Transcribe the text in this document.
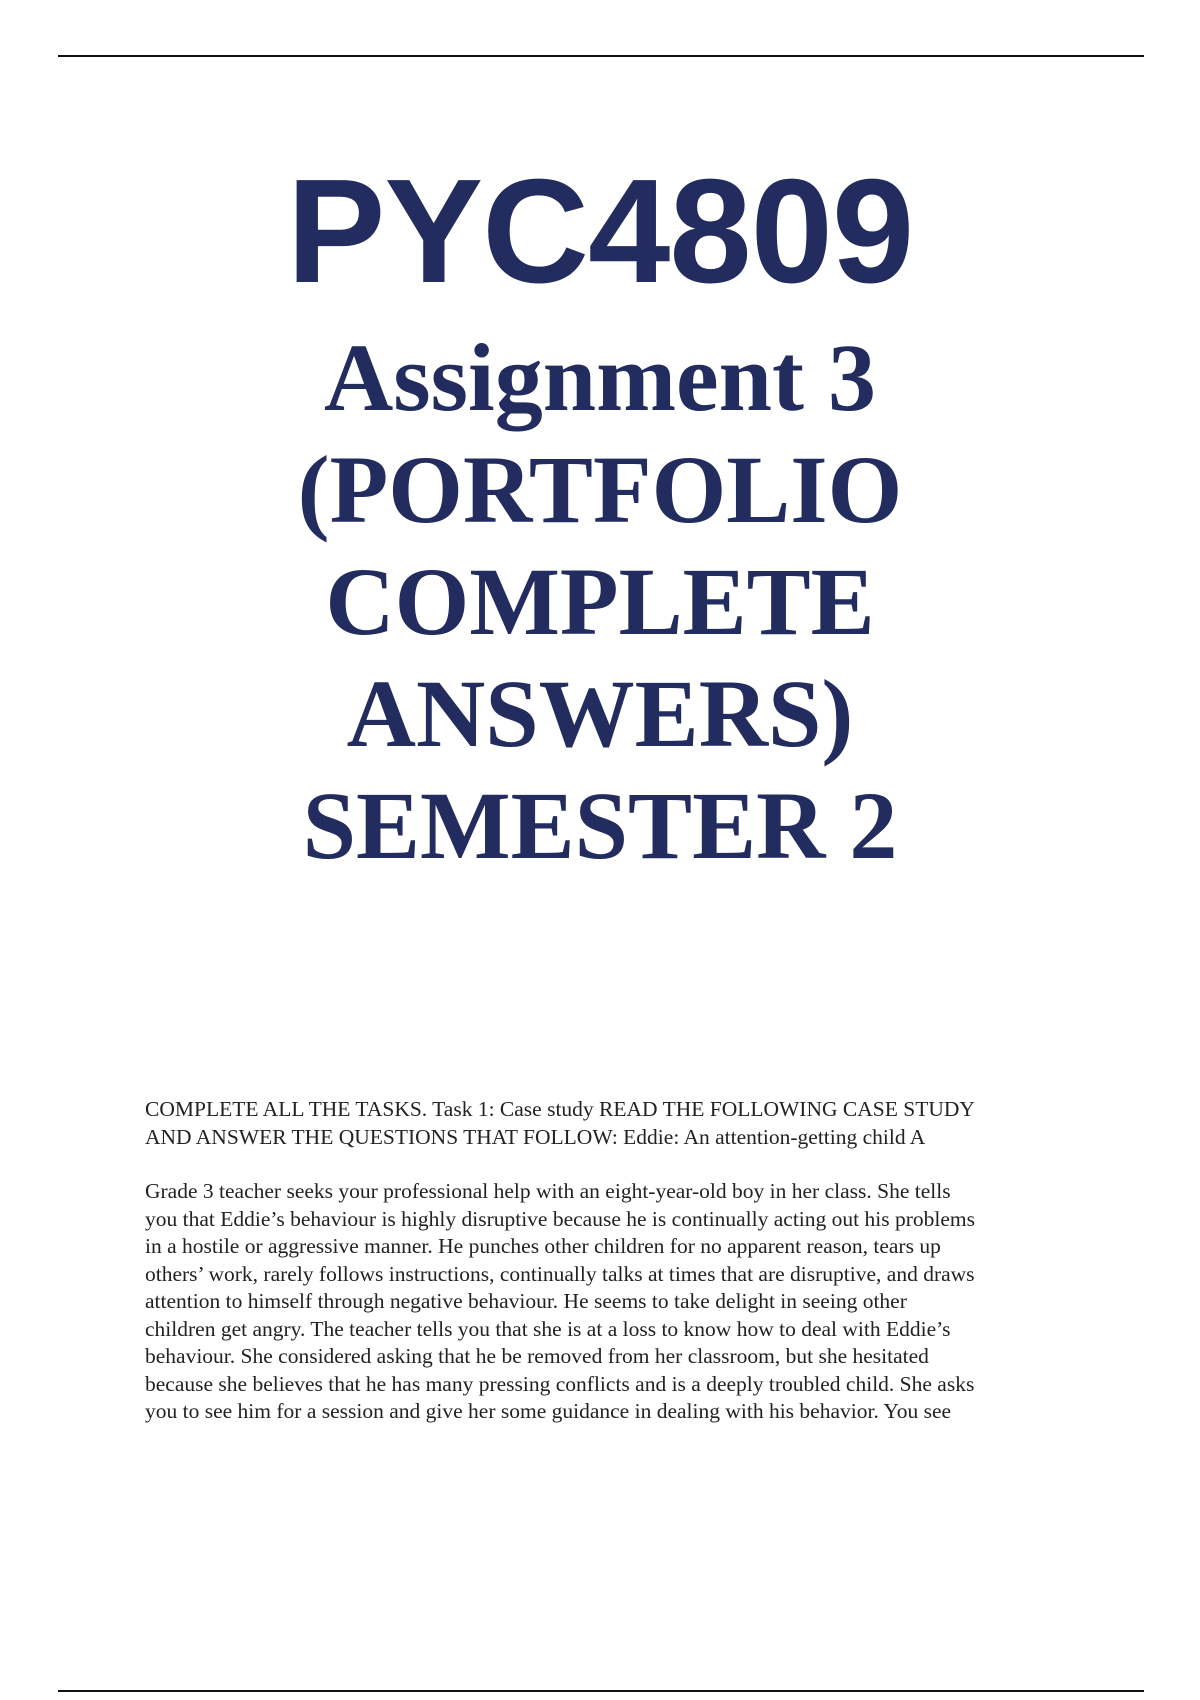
PYC4809
Assignment 3
(PORTFOLIO
COMPLETE
ANSWERS)
SEMESTER 2
COMPLETE ALL THE TASKS. Task 1: Case study READ THE FOLLOWING CASE STUDY
AND ANSWER THE QUESTIONS THAT FOLLOW: Eddie: An attention-getting child A
Grade 3 teacher seeks your professional help with an eight-year-old boy in her class. She tells
you that Eddie’s behaviour is highly disruptive because he is continually acting out his problems
in a hostile or aggressive manner. He punches other children for no apparent reason, tears up
others’ work, rarely follows instructions, continually talks at times that are disruptive, and draws
attention to himself through negative behaviour. He seems to take delight in seeing other
children get angry. The teacher tells you that she is at a loss to know how to deal with Eddie’s
behaviour. She considered asking that he be removed from her classroom, but she hesitated
because she believes that he has many pressing conflicts and is a deeply troubled child. She asks
you to see him for a session and give her some guidance in dealing with his behavior. You see
